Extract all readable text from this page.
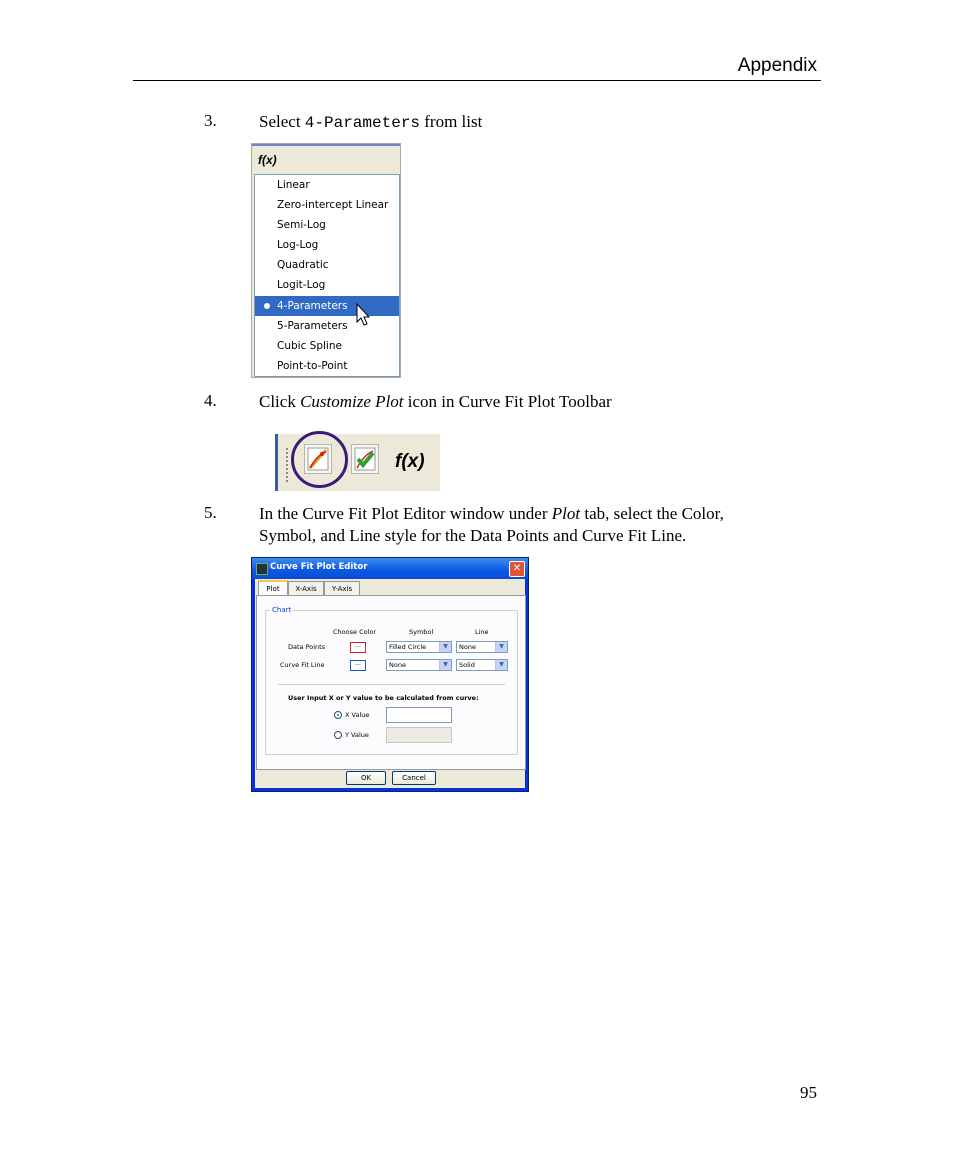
Appendix
3. Select 4-Parameters from list
f(x)
Linear
Zero-intercept Linear
Semi-Log
Log-Log
Quadratic
Logit-Log
4-Parameters
5-Parameters
Cubic Spline
Point-to-Point
4. Click Customize Plot icon in Curve Fit Plot Toolbar
f(x)
5. In the Curve Fit Plot Editor window under Plot tab, select the Color,
Symbol, and Line style for the Data Points and Curve Fit Line.
Curve Fit Plot Editor	✕
Plot	X-Axis	Y-Axis
Chart
Choose Color	Symbol	Line
Data Points	...	Filled Circle	▼	None	▼
Curve Fit Line	...	None	▼	Solid	▼
User Input X or Y value to be calculated from curve:
X Value
Y Value
OK	Cancel
95
